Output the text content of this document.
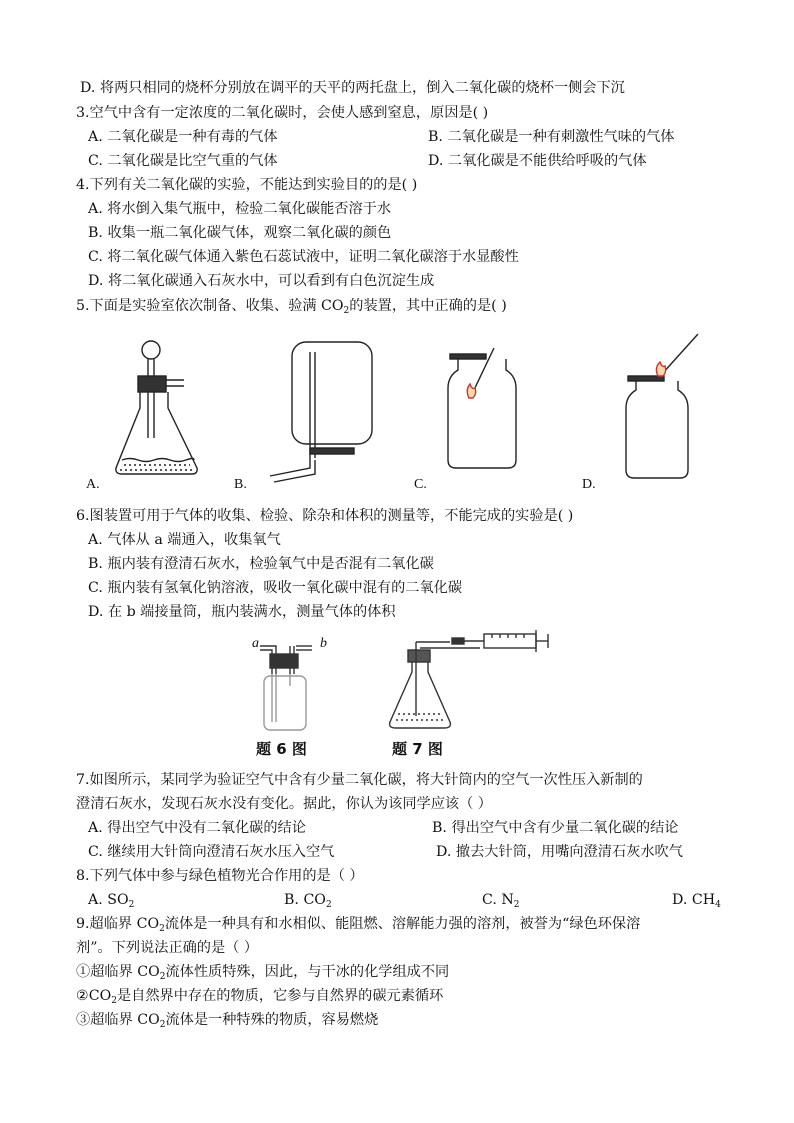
D. 将两只相同的烧杯分别放在调平的天平的两托盘上，倒入二氧化碳的烧杯一侧会下沉
3.空气中含有一定浓度的二氧化碳时，会使人感到窒息，原因是( )
A. 二氧化碳是一种有毒的气体	B. 二氧化碳是一种有刺激性气味的气体
C. 二氧化碳是比空气重的气体	D. 二氧化碳是不能供给呼吸的气体
4.下列有关二氧化碳的实验，不能达到实验目的的是( )
A. 将水倒入集气瓶中，检验二氧化碳能否溶于水
B. 收集一瓶二氧化碳气体，观察二氧化碳的颜色
C. 将二氧化碳气体通入紫色石蕊试液中，证明二氧化碳溶于水显酸性
D. 将二氧化碳通入石灰水中，可以看到有白色沉淀生成
5.下面是实验室依次制备、收集、验满 $CO_2$的装置，其中正确的是( )
A.	B.	C.	D.
6.图装置可用于气体的收集、检验、除杂和体积的测量等，不能完成的实验是( )
A. 气体从 a 端通入，收集氧气
B. 瓶内装有澄清石灰水，检验氧气中是否混有二氧化碳
C. 瓶内装有氢氧化钠溶液，吸收一氧化碳中混有的二氧化碳
D. 在 b 端接量筒，瓶内装满水，测量气体的体积
a	b
题 6 图	题 7 图
7.如图所示，某同学为验证空气中含有少量二氧化碳，将大针筒内的空气一次性压入新制的
澄清石灰水，发现石灰水没有变化。据此，你认为该同学应该（ ）
A. 得出空气中没有二氧化碳的结论	B. 得出空气中含有少量二氧化碳的结论
C. 继续用大针筒向澄清石灰水压入空气	D. 撤去大针筒，用嘴向澄清石灰水吹气
8.下列气体中参与绿色植物光合作用的是（ ）
A. $SO_2$	B. $CO_2$	C. $N_2$	D. $CH_4$
9.超临界 $CO_2$流体是一种具有和水相似、能阻燃、溶解能力强的溶剂，被誉为“绿色环保溶
剂”。下列说法正确的是（ ）
①超临界 $CO_2$流体性质特殊，因此，与干冰的化学组成不同
$②CO_2$是自然界中存在的物质，它参与自然界的碳元素循环
③超临界 $CO_2$流体是一种特殊的物质，容易燃烧
